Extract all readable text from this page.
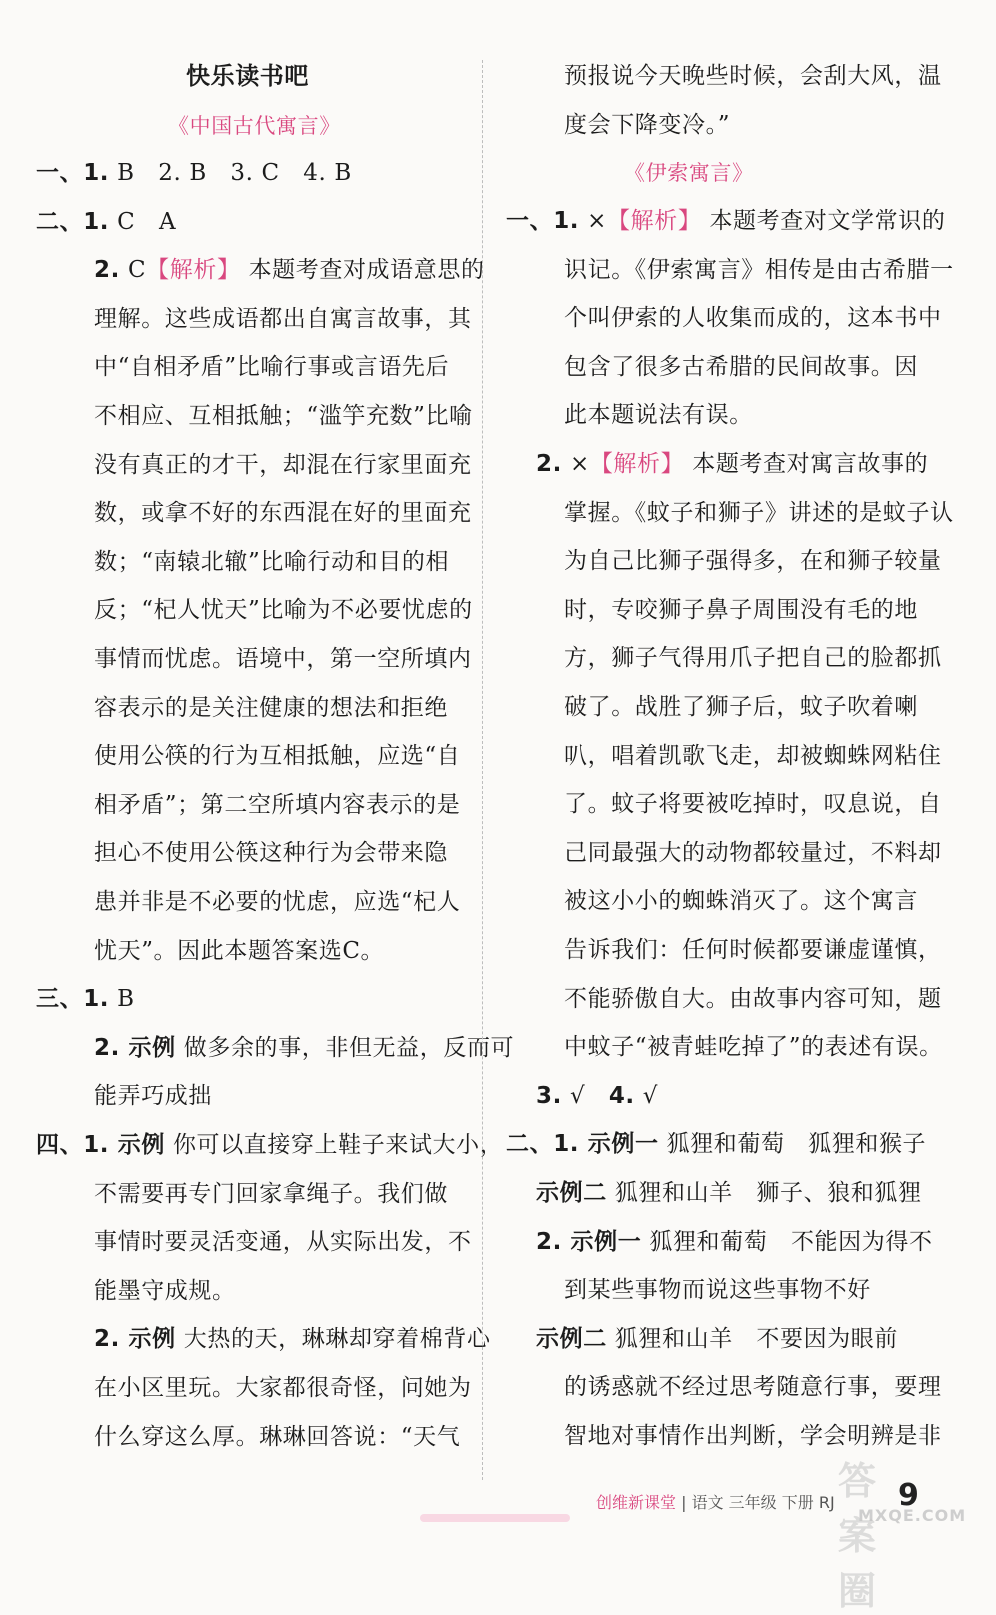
快乐读书吧
《中国古代寓言》
一、1. B　2. B　3. C　4. B
二、1. C　A
2. C【解析】 本题考查对成语意思的
理解。这些成语都出自寓言故事，其
中“自相矛盾”比喻行事或言语先后
不相应、互相抵触；“滥竽充数”比喻
没有真正的才干，却混在行家里面充
数，或拿不好的东西混在好的里面充
数；“南辕北辙”比喻行动和目的相
反；“杞人忧天”比喻为不必要忧虑的
事情而忧虑。语境中，第一空所填内
容表示的是关注健康的想法和拒绝
使用公筷的行为互相抵触，应选“自
相矛盾”；第二空所填内容表示的是
担心不使用公筷这种行为会带来隐
患并非是不必要的忧虑，应选“杞人
忧天”。因此本题答案选C。
三、1. B
2. 示例 做多余的事，非但无益，反而可
能弄巧成拙
四、1. 示例 你可以直接穿上鞋子来试大小，
不需要再专门回家拿绳子。我们做
事情时要灵活变通，从实际出发，不
能墨守成规。
2. 示例 大热的天，琳琳却穿着棉背心
在小区里玩。大家都很奇怪，问她为
什么穿这么厚。琳琳回答说：“天气
预报说今天晚些时候，会刮大风，温
度会下降变冷。”
《伊索寓言》
一、1. ×【解析】 本题考查对文学常识的
识记。《伊索寓言》相传是由古希腊一
个叫伊索的人收集而成的，这本书中
包含了很多古希腊的民间故事。因
此本题说法有误。
2. ×【解析】 本题考查对寓言故事的
掌握。《蚊子和狮子》讲述的是蚊子认
为自己比狮子强得多，在和狮子较量
时，专咬狮子鼻子周围没有毛的地
方，狮子气得用爪子把自己的脸都抓
破了。战胜了狮子后，蚊子吹着喇
叭，唱着凯歌飞走，却被蜘蛛网粘住
了。蚊子将要被吃掉时，叹息说，自
己同最强大的动物都较量过，不料却
被这小小的蜘蛛消灭了。这个寓言
告诉我们：任何时候都要谦虚谨慎，
不能骄傲自大。由故事内容可知，题
中蚊子“被青蛙吃掉了”的表述有误。
3. √　4. √
二、1. 示例一 狐狸和葡萄　狐狸和猴子
示例二 狐狸和山羊　狮子、狼和狐狸
2. 示例一 狐狸和葡萄　不能因为得不
到某些事物而说这些事物不好
示例二 狐狸和山羊　不要因为眼前
的诱惑就不经过思考随意行事，要理
智地对事情作出判断，学会明辨是非
创维新课堂 | 语文 三年级 下册 RJ 9
答案圈
MXQE.COM
